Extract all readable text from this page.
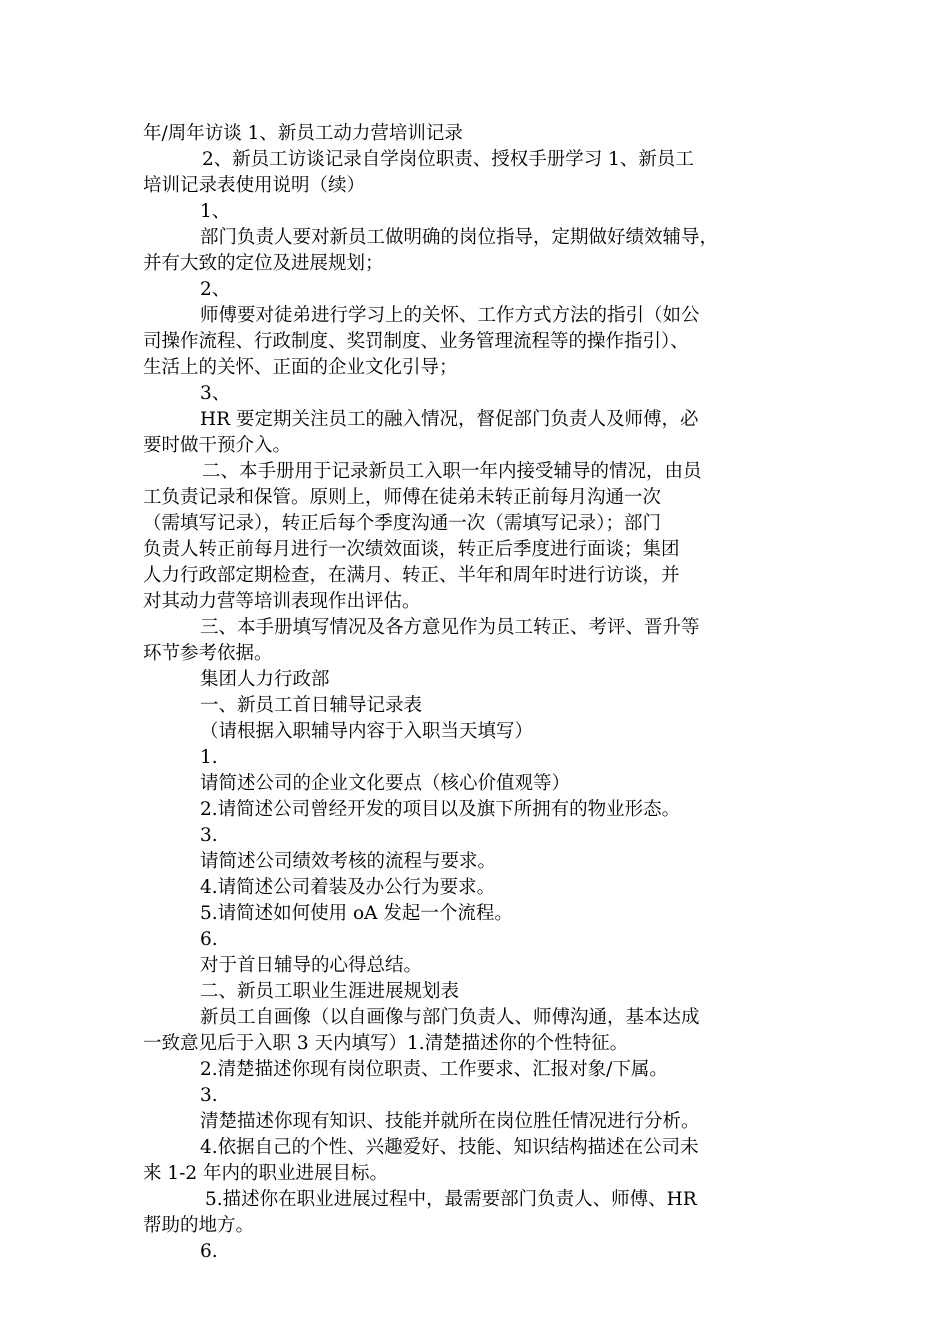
年/周年访谈 1、新员工动力营培训记录
2、新员工访谈记录自学岗位职责、授权手册学习 1、新员工
培训记录表使用说明（续）
1、
部门负责人要对新员工做明确的岗位指导，定期做好绩效辅导，
并有大致的定位及进展规划；
2、
师傅要对徒弟进行学习上的关怀、工作方式方法的指引（如公
司操作流程、行政制度、奖罚制度、业务管理流程等的操作指引）、
生活上的关怀、正面的企业文化引导；
3、
HR 要定期关注员工的融入情况，督促部门负责人及师傅，必
要时做干预介入。
二、本手册用于记录新员工入职一年内接受辅导的情况，由员
工负责记录和保管。原则上，师傅在徒弟未转正前每月沟通一次
（需填写记录），转正后每个季度沟通一次（需填写记录）；部门
负责人转正前每月进行一次绩效面谈，转正后季度进行面谈；集团
人力行政部定期检查，在满月、转正、半年和周年时进行访谈，并
对其动力营等培训表现作出评估。
三、本手册填写情况及各方意见作为员工转正、考评、晋升等
环节参考依据。
集团人力行政部
一、新员工首日辅导记录表
（请根据入职辅导内容于入职当天填写）
1.
请简述公司的企业文化要点（核心价值观等）
2.请简述公司曾经开发的项目以及旗下所拥有的物业形态。
3.
请简述公司绩效考核的流程与要求。
4.请简述公司着装及办公行为要求。
5.请简述如何使用 oA 发起一个流程。
6.
对于首日辅导的心得总结。
二、新员工职业生涯进展规划表
新员工自画像（以自画像与部门负责人、师傅沟通，基本达成
一致意见后于入职 3 天内填写）1.清楚描述你的个性特征。
2.清楚描述你现有岗位职责、工作要求、汇报对象/下属。
3.
清楚描述你现有知识、技能并就所在岗位胜任情况进行分析。
4.依据自己的个性、兴趣爱好、技能、知识结构描述在公司未
来 1-2 年内的职业进展目标。
5.描述你在职业进展过程中，最需要部门负责人、师傅、HR
帮助的地方。
6.
